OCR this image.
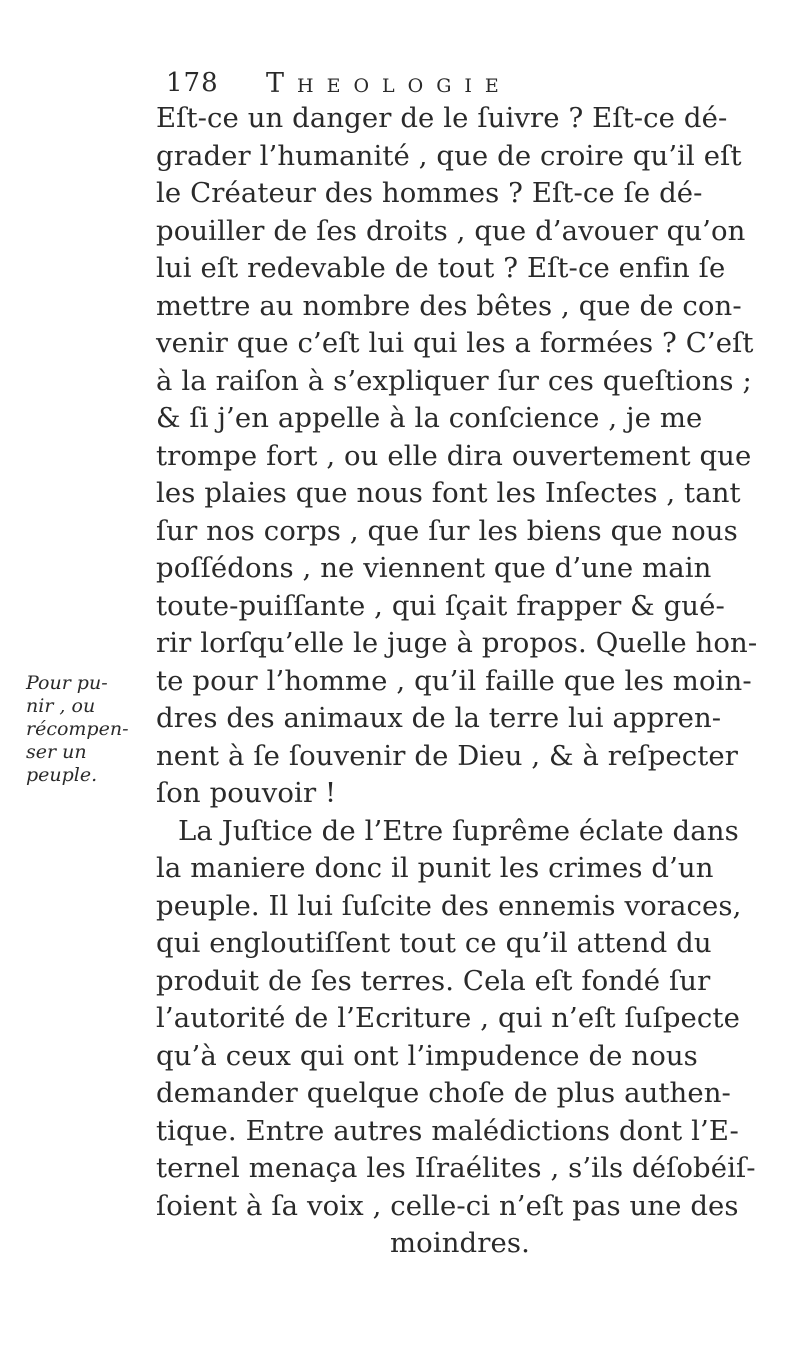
178 Theologie
Pour pu-
nir , ou
récompen-
ser un
peuple.
Eſt-ce un danger de le ſuivre ? Eſt-ce dé-
grader l’humanité , que de croire qu’il eſt
le Créateur des hommes ? Eſt-ce ſe dé-
pouiller de ſes droits , que d’avouer qu’on
lui eſt redevable de tout ? Eſt-ce enfin ſe
mettre au nombre des bêtes , que de con-
venir que c’eſt lui qui les a formées ? C’eſt
à la raiſon à s’expliquer ſur ces queſtions ;
& ſi j’en appelle à la conſcience , je me
trompe fort , ou elle dira ouvertement que
les plaies que nous font les Inſectes , tant
ſur nos corps , que ſur les biens que nous
poſſédons , ne viennent que d’une main
toute-puiſſante , qui ſçait frapper & gué-
rir lorſqu’elle le juge à propos. Quelle hon-
te pour l’homme , qu’il faille que les moin-
dres des animaux de la terre lui appren-
nent à ſe ſouvenir de Dieu , & à reſpecter
ſon pouvoir !
La Juſtice de l’Etre ſuprême éclate dans
la maniere donc il punit les crimes d’un
peuple. Il lui ſuſcite des ennemis voraces,
qui engloutiſſent tout ce qu’il attend du
produit de ſes terres. Cela eſt fondé ſur
l’autorité de l’Ecriture , qui n’eſt ſuſpecte
qu’à ceux qui ont l’impudence de nous
demander quelque choſe de plus authen-
tique. Entre autres malédictions dont l’E-
ternel menaça les Iſraélites , s’ils déſobéiſ-
ſoient à ſa voix , celle-ci n’eſt pas une des
moindres.
